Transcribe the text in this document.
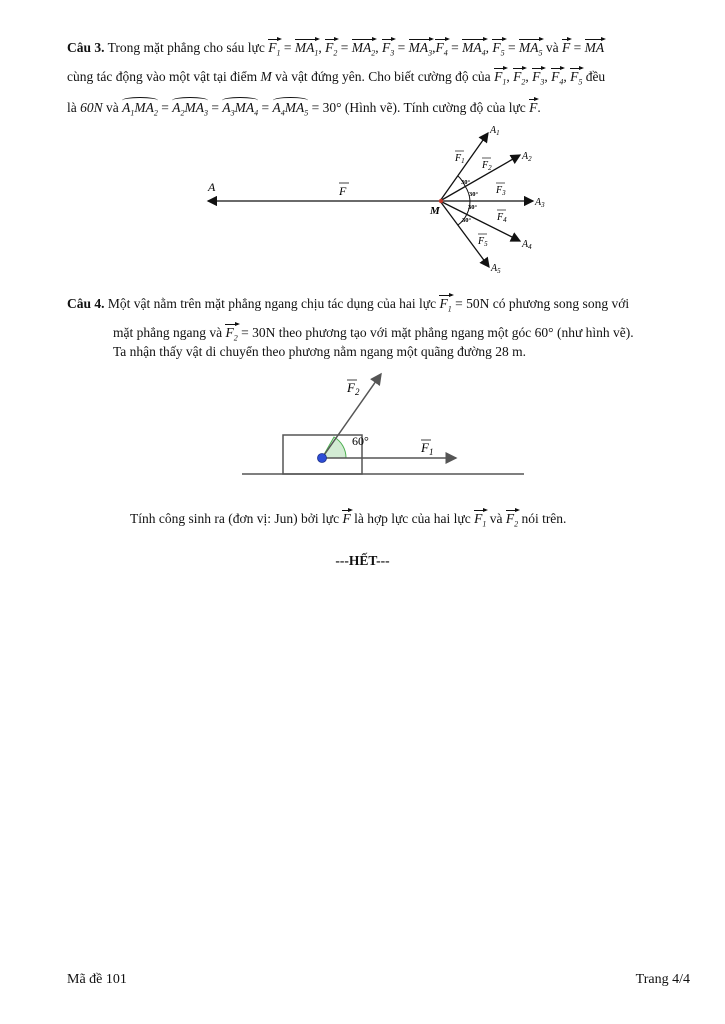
Câu 3. Trong mặt phẳng cho sáu lực $F_1 = MA_1$, $F_2 = MA_2$, $F_3 = MA_3,F_4 = MA_4$, $F_5 = MA_5$ và F = MA
cùng tác động vào một vật tại điểm M và vật đứng yên. Cho biết cường độ của $F_1$, $F_2$, $F_3$, $F_4$, $F_5$ đều
là 60N và $A_1MA_2 = A_2MA_3 = A_3MA_4 = A_4MA_5 = 30^\circ$ (Hình vẽ). Tính cường độ của lực F.
A	F
M
$A_1$
$A_2$
$A_3$
$A_4$
$A_5$
$F_1$ $F_2$
$F_3$
$F_4$
$F_5$
30°
30°
30°
30°
Câu 4. Một vật nằm trên mặt phẳng ngang chịu tác dụng của hai lực $F_1 = 50N$ có phương song song với
mặt phẳng ngang và $F_2 = 30N$ theo phương tạo với mặt phẳng ngang một góc 60° (như hình vẽ).
Ta nhận thấy vật di chuyển theo phương nằm ngang một quãng đường 28 m.
$F_2$
$F_1$
60°
Tính công sinh ra (đơn vị: Jun) bởi lực F là hợp lực của hai lực $F_1$ và $F_2$ nói trên.
---HẾT---
Mã đề 101	Trang 4/4
